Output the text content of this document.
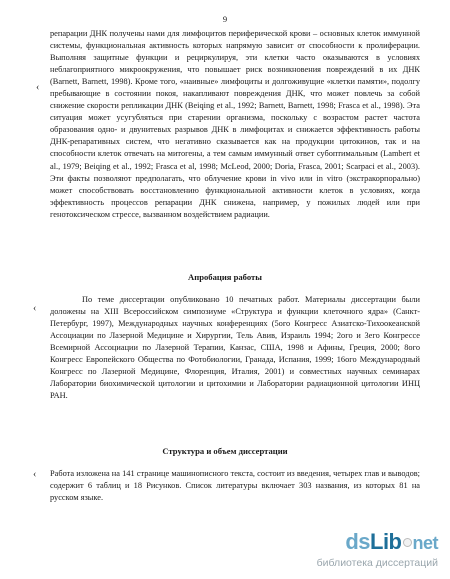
9

репарации ДНК получены нами для лимфоцитов периферической крови – основных клеток иммунной системы, функциональная активность которых напрямую зависит от способности к пролиферации. Выполняя защитные функции и рециркулируя, эти клетки часто оказываются в условиях неблагоприятного микроокружения, что повышает риск возникновения повреждений в их ДНК (Barnett, Barnett, 1998). Кроме того, «наивные» лимфоциты и долгоживущие «клетки памяти», подолгу пребывающие в состоянии покоя, накапливают повреждения ДНК, что может повлечь за собой снижение скорости репликации ДНК (Beiqing et al., 1992; Barnett, Barnett, 1998; Frasca et al., 1998). Эта ситуация может усугубляться при старении организма, поскольку с возрастом растет частота образования одно- и двунитевых разрывов ДНК в лимфоцитах и снижается эффективность работы ДНК-репаративных систем, что негативно сказывается как на продукции цитокинов, так и на способности клеток отвечать на митогены, а тем самым иммунный ответ субоптимальным (Lambert et al., 1979; Beiqing et al., 1992; Frasca et al, 1998; McLeod, 2000; Doria, Frasca, 2001; Scarpaci et al., 2003). Эти факты позволяют предполагать, что облучение крови in vivo или in vitro (экстракорпорально) может способствовать восстановлению функциональной активности клеток в условиях, когда эффективность процессов репарации ДНК снижена, например, у пожилых людей или при генотоксическом стрессе, вызванном воздействием радиации.

Апробация работы

По теме диссертации опубликовано 10 печатных работ. Материалы диссертации были доложены на XIII Всероссийском симпозиуме «Структура и функции клеточного ядра» (Санкт-Петербург, 1997), Международных научных конференциях (5ого Конгресс Азиатско-Тихоокеанской Ассоциации по Лазерной Медицине и Хирургии, Тель Авив, Израиль 1994; 2ого и 3его Конгрессе Всемирной Ассоциации по Лазерной Терапии, Канзас, США, 1998 и Афины, Греция, 2000; 8ого Конгресс Европейского Общества по Фотобиологии, Гранада, Испания, 1999; 16ого Международный Конгресс по Лазерной Медицине, Флоренция, Италия, 2001) и совместных научных семинарах Лаборатории биохимической цитологии и цитохимии и Лаборатории радиационной цитологии ИНЦ РАН.

Структура и объем диссертации

Работа изложена на 141 странице машинописного текста, состоит из введения, четырех глав и выводов; содержит 6 таблиц и 18 Рисунков. Список литературы включает 303 названия, из которых 81 на русском языке.

‹
‹
‹
dsLib net
библиотека диссертаций
